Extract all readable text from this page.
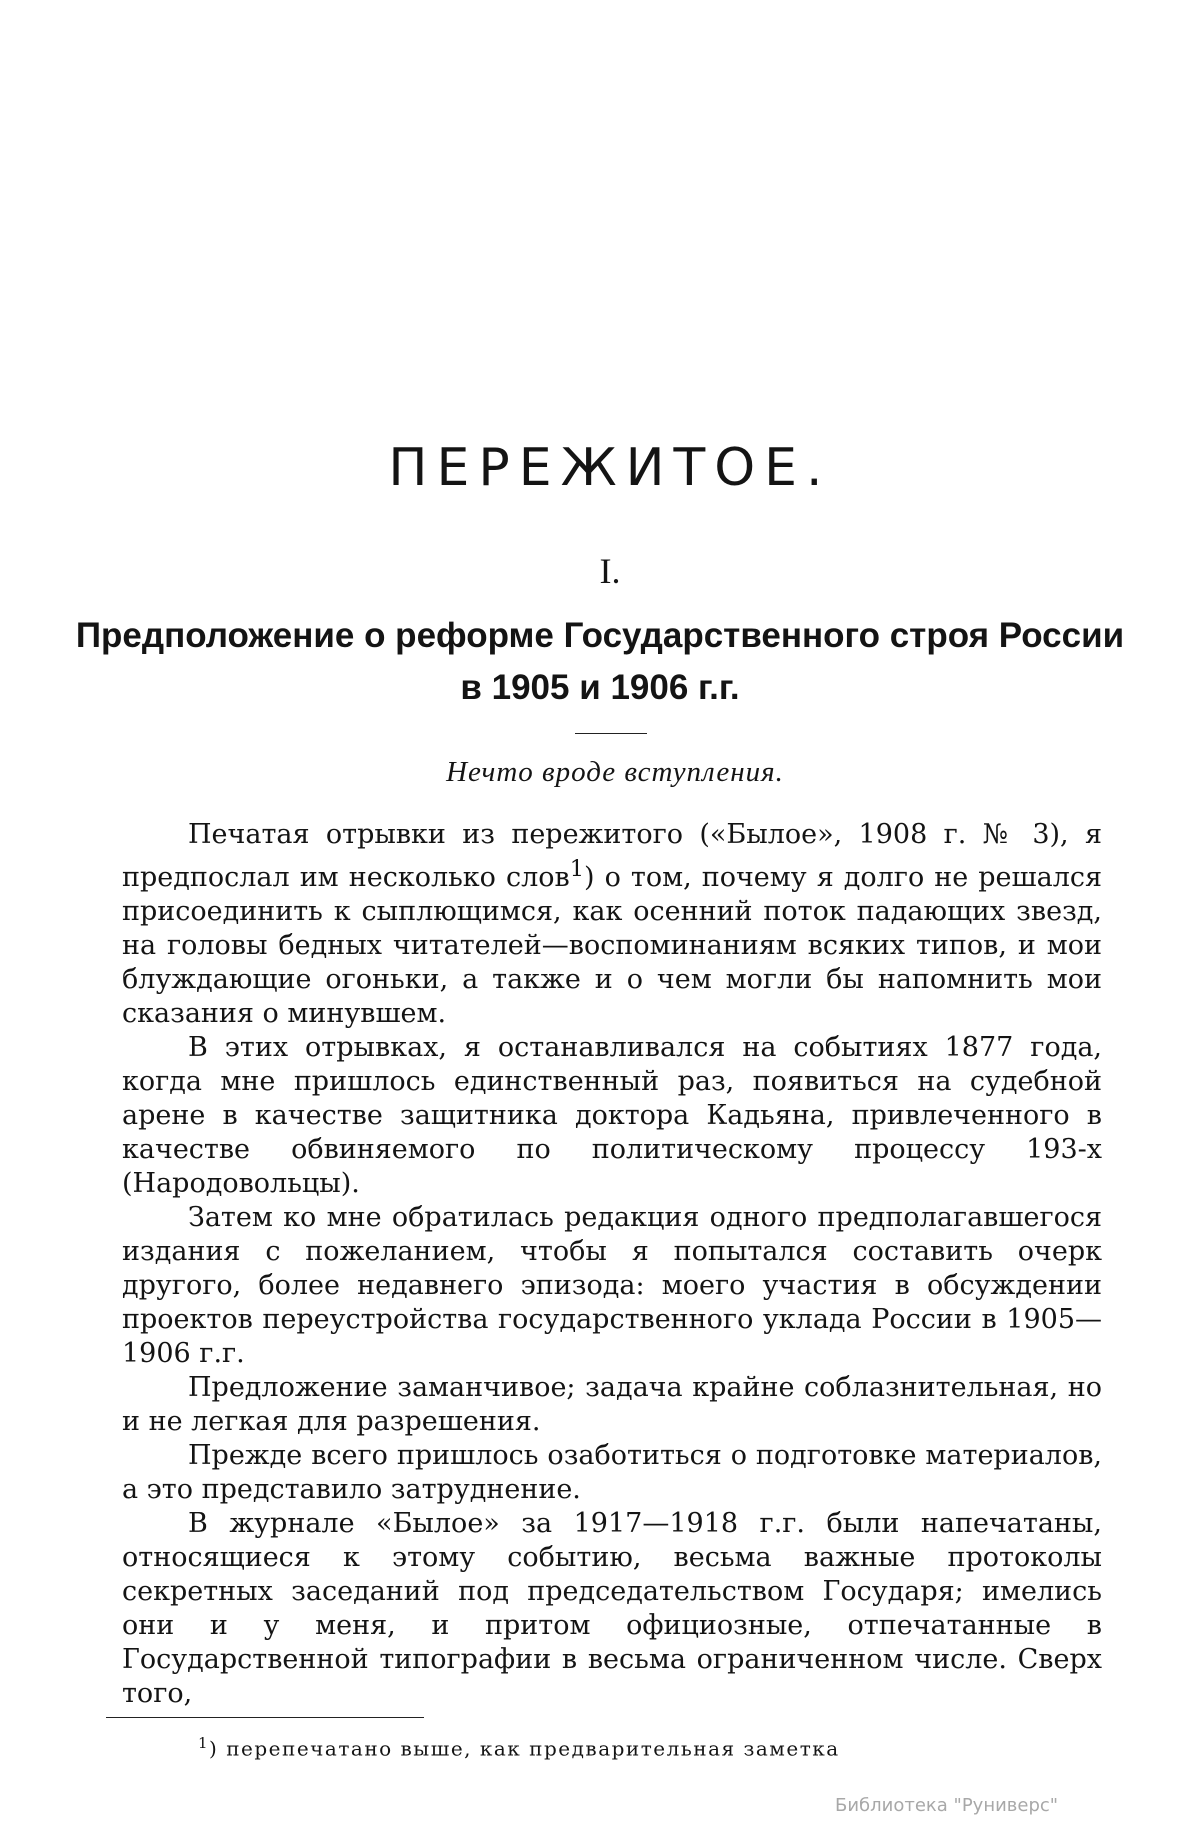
ПЕРЕЖИТОЕ.
I.
Предположение о реформе Государственного строя России
в 1905 и 1906 г.г.
Нечто вроде вступления.

Печатая отрывки из пережитого («Былое», 1908 г. № 3), я предпослал им несколько слов$^1$) о том, почему я долго не решался присоединить к сыплющимся, как осенний поток падающих звезд, на головы бедных читателей—воспоминаниям всяких типов, и мои блуждающие огоньки, а также и о чем могли бы напомнить мои сказания о минувшем.

В этих отрывках, я останавливался на событиях 1877 года, когда мне пришлось единственный раз, появиться на судебной арене в качестве защитника доктора Кадьяна, привлеченного в качестве обвиняемого по политическому процессу 193-х (Народовольцы).

Затем ко мне обратилась редакция одного предполагавшегося издания с пожеланием, чтобы я попытался составить очерк другого, более недавнего эпизода: моего участия в обсуждении проектов переустройства государственного уклада России в 1905—1906 г.г.

Предложение заманчивое; задача крайне соблазнительная, но и не легкая для разрешения.

Прежде всего пришлось озаботиться о подготовке материалов, а это представило затруднение.

В журнале «Былое» за 1917—1918 г.г. были напечатаны, относящиеся к этому событию, весьма важные протоколы секретных заседаний под председательством Государя; имелись они и у меня, и притом официозные, отпечатанные в Государственной типографии в весьма ограниченном числе. Сверх того,

$^1$) перепечатано выше, как предварительная заметка
Библиотека "Руниверс"
